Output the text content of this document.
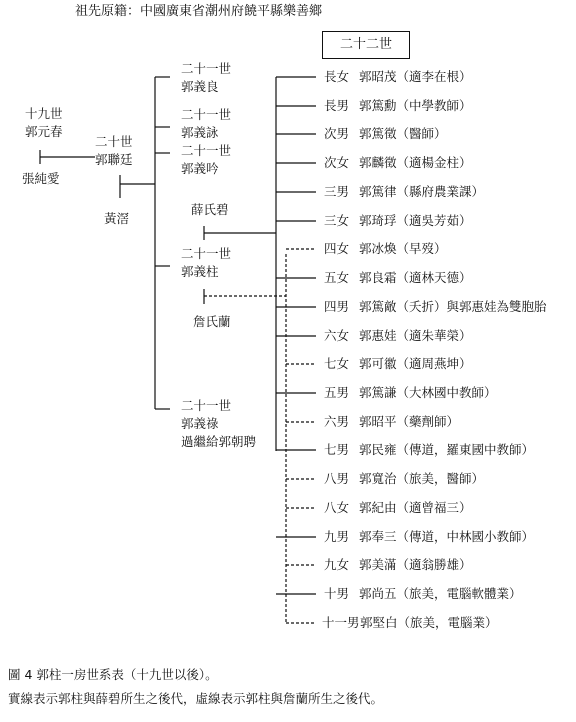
祖先原籍：中國廣東省潮州府饒平縣樂善鄉
二十二世
十九世
郭元春
張純愛
二十世
郭聯廷
黃滘
二十一世
郭義良
二十一世
郭義詠
二十一世
郭義吟
薛氏碧
二十一世
郭義柱
詹氏蘭
二十一世
郭義祿
過繼給郭朝聘
長女 郭昭茂（適李在根）
長男 郭篤勳（中學教師）
次男 郭篤徵（醫師）
次女 郭麟徵（適楊金柱）
三男 郭篤律（縣府農業課）
三女 郭琦琈（適吳芳茹）
四女 郭冰煥（早歿）
五女 郭良霜（適林天德）
四男 郭篤敵（夭折）與郭惠娃為雙胞胎
六女 郭惠娃（適朱華榮）
七女 郭可徽（適周燕坤）
五男 郭篤謙（大林國中教師）
六男 郭昭平（藥劑師）
七男 郭民雍（傳道，羅東國中教師）
八男 郭寬治（旅美，醫師）
八女 郭紀由（適曾福三）
九男 郭奉三（傳道，中林國小教師）
九女 郭美滿（適翁勝雄）
十男 郭尚五（旅美，電腦軟體業）
十一男 郭堅白（旅美，電腦業）
圖 4 郭柱一房世系表（十九世以後）。
實線表示郭柱與薛碧所生之後代，虛線表示郭柱與詹蘭所生之後代。
